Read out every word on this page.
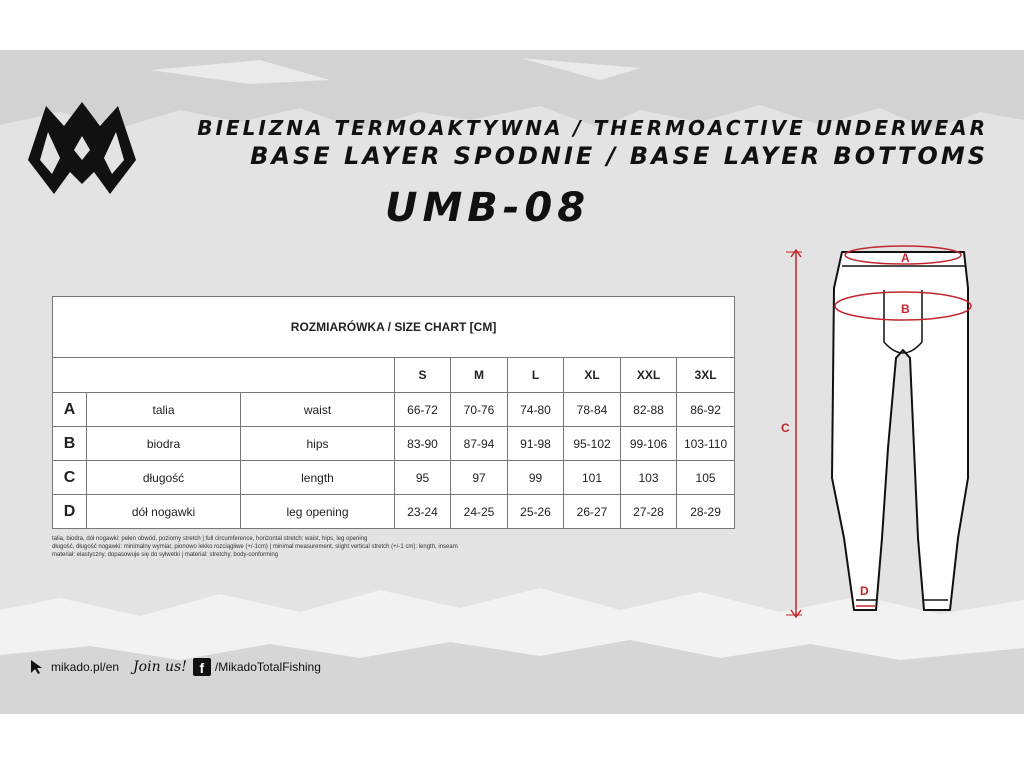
BIELIZNA TERMOAKTYWNA / THERMOACTIVE UNDERWEAR
BASE LAYER SPODNIE / BASE LAYER BOTTOMS
UMB-08
ROZMIARÓWKA / SIZE CHART [CM]								
			S	M	L	XL	XXL	3XL
A	talia	waist	66-72	70-76	74-80	78-84	82-88	86-92
B	biodra	hips	83-90	87-94	91-98	95-102	99-106	103-110
C	długość	length	95	97	99	101	103	105
D	dół nogawki	leg opening	23-24	24-25	25-26	26-27	27-28	28-29
talia, biodra, dół nogawki: pełen obwód, poziomy stretch | full circumference, horizontal stretch: waist, hips, leg opening
długość, długość nogawki: minimalny wymiar, pionowo lekko rozciągliwe (+/-1cm) | minimal measurement, slight vertical stretch (+/-1 cm): length, inseam
materiał: elastyczny, dopasowuje się do sylwetki | material: stretchy, body-conforming
A
B
C
D
mikado.pl/en Join us! f /MikadoTotalFishing
